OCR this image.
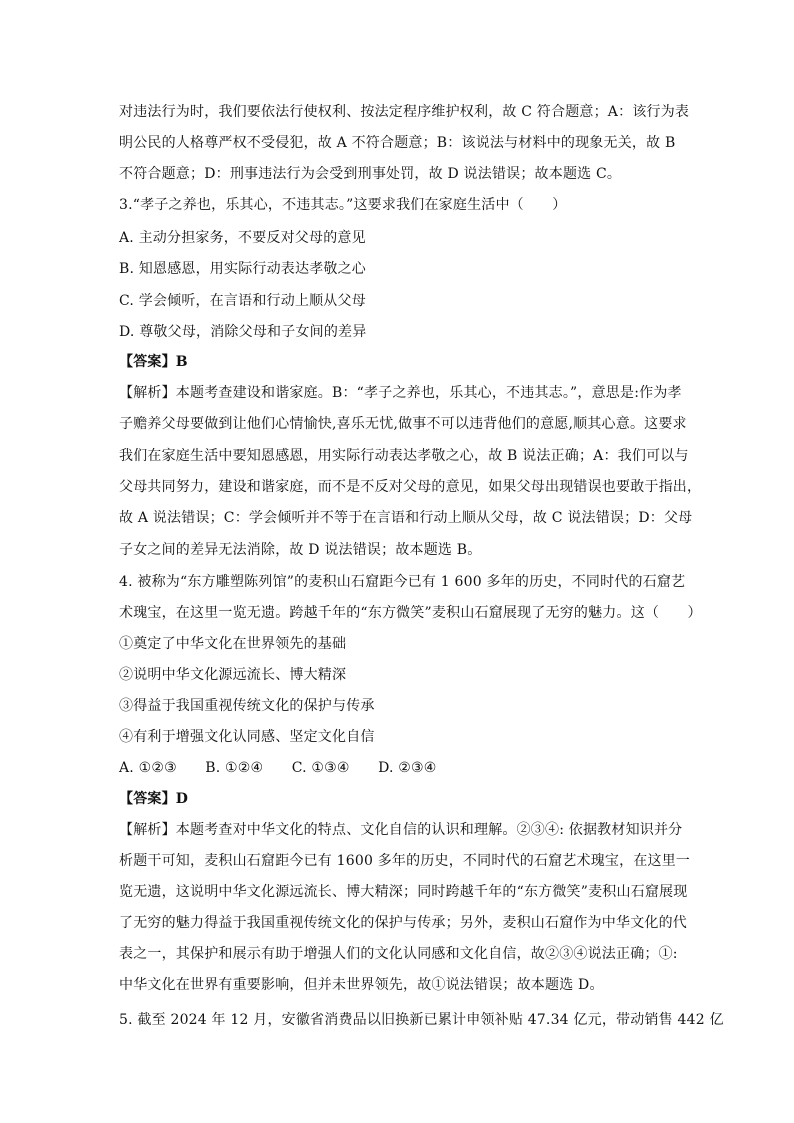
对违法行为时，我们要依法行使权利、按法定程序维护权利，故 C 符合题意；A：该行为表
明公民的人格尊严权不受侵犯，故 A 不符合题意；B：该说法与材料中的现象无关，故 B
不符合题意；D：刑事违法行为会受到刑事处罚，故 D 说法错误；故本题选 C。
3.“孝子之养也，乐其心，不违其志。”这要求我们在家庭生活中（　　）
A. 主动分担家务，不要反对父母的意见
B. 知恩感恩，用实际行动表达孝敬之心
C. 学会倾听，在言语和行动上顺从父母
D. 尊敬父母，消除父母和子女间的差异
【答案】B
【解析】本题考查建设和谐家庭。B：“孝子之养也，乐其心，不违其志。”，意思是:作为孝
子赡养父母要做到让他们心情愉快,喜乐无忧,做事不可以违背他们的意愿,顺其心意。这要求
我们在家庭生活中要知恩感恩，用实际行动表达孝敬之心，故 B 说法正确；A：我们可以与
父母共同努力，建设和谐家庭，而不是不反对父母的意见，如果父母出现错误也要敢于指出，
故 A 说法错误；C：学会倾听并不等于在言语和行动上顺从父母，故 C 说法错误；D：父母
子女之间的差异无法消除，故 D 说法错误；故本题选 B。
4. 被称为“东方雕塑陈列馆”的麦积山石窟距今已有 1 600 多年的历史，不同时代的石窟艺
术瑰宝，在这里一览无遗。跨越千年的“东方微笑”麦积山石窟展现了无穷的魅力。这（　　）
①奠定了中华文化在世界领先的基础
②说明中华文化源远流长、博大精深
③得益于我国重视传统文化的保护与传承
④有利于增强文化认同感、坚定文化自信
A. ①②③　　B. ①②④　　C. ①③④　　D. ②③④
【答案】D
【解析】本题考查对中华文化的特点、文化自信的认识和理解。②③④: 依据教材知识并分
析题干可知，麦积山石窟距今已有 1600 多年的历史，不同时代的石窟艺术瑰宝，在这里一
览无遗，这说明中华文化源远流长、博大精深；同时跨越千年的“东方微笑”麦积山石窟展现
了无穷的魅力得益于我国重视传统文化的保护与传承；另外，麦积山石窟作为中华文化的代
表之一，其保护和展示有助于增强人们的文化认同感和文化自信，故②③④说法正确；①:
中华文化在世界有重要影响，但并未世界领先，故①说法错误；故本题选 D。
5. 截至 2024 年 12 月，安徽省消费品以旧换新已累计申领补贴 47.34 亿元，带动销售 442 亿
